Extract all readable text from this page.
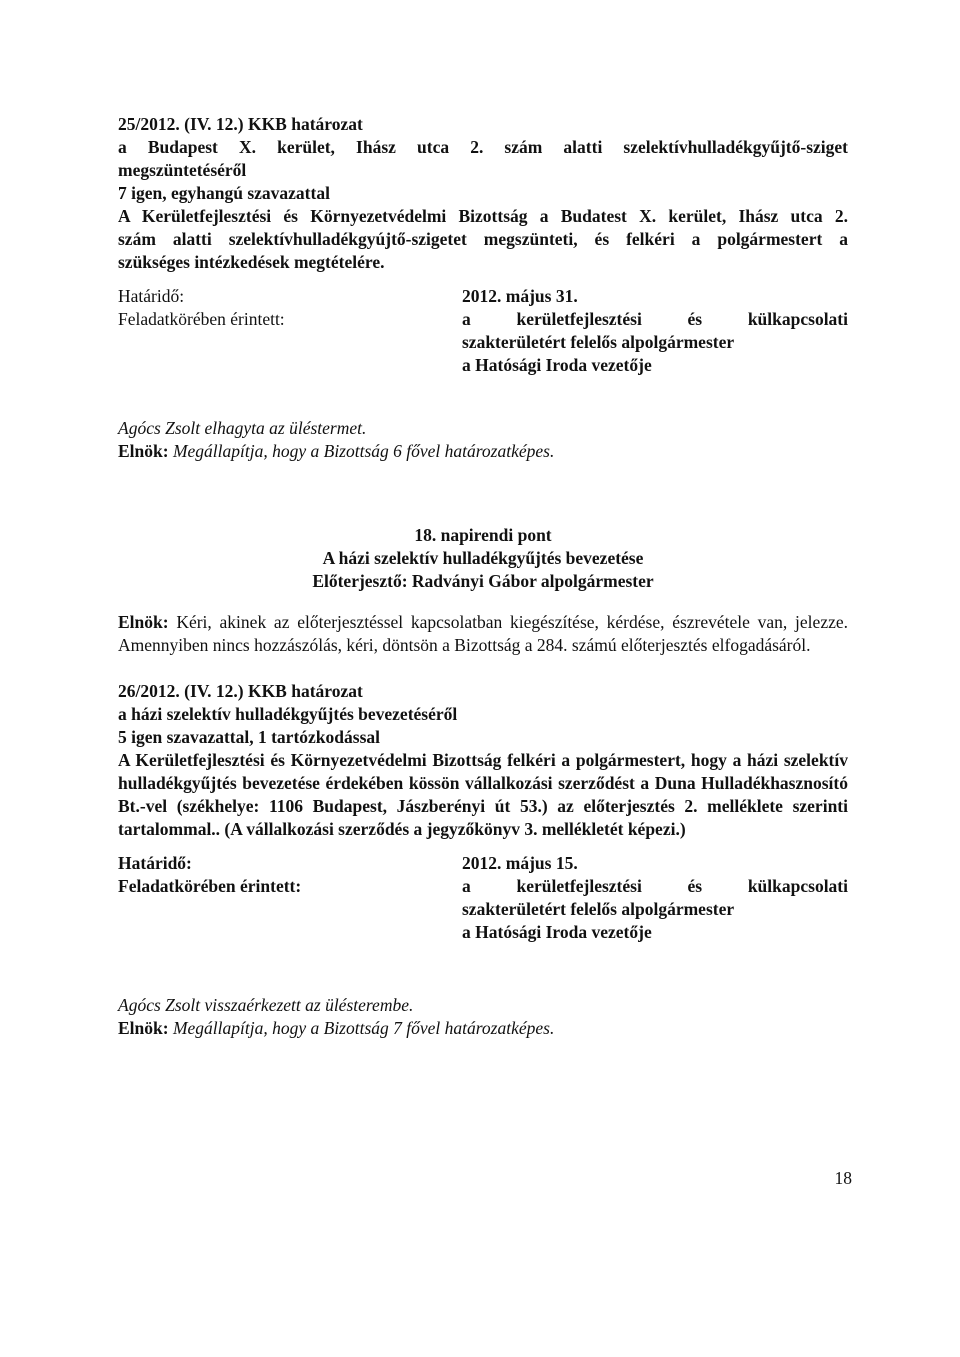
25/2012. (IV. 12.) KKB határozat
a Budapest X. kerület, Ihász utca 2. szám alatti szelektívhulladékgyűjtő-sziget
megszüntetéséről
7 igen, egyhangú szavazattal
A Kerületfejlesztési és Környezetvédelmi Bizottság a Budatest X. kerület, Ihász utca 2.
szám alatti szelektívhulladékgyújtő-szigetet megszünteti, és felkéri a polgármestert a
szükséges intézkedések megtételére.
Határidő:	2012. május 31.
Feladatkörében érintett:	a kerületfejlesztési és külkapcsolati
szakterületért felelős alpolgármester
a Hatósági Iroda vezetője
Agócs Zsolt elhagyta az üléstermet.
Elnök: Megállapítja, hogy a Bizottság 6 fővel határozatképes.
18. napirendi pont
A házi szelektív hulladékgyűjtés bevezetése
Előterjesztő: Radványi Gábor alpolgármester

Elnök: Kéri, akinek az előterjesztéssel kapcsolatban kiegészítése, kérdése, észrevétele van, jelezze. Amennyiben nincs hozzászólás, kéri, döntsön a Bizottság a 284. számú előterjesztés elfogadásáról.

26/2012. (IV. 12.) KKB határozat
a házi szelektív hulladékgyűjtés bevezetéséről
5 igen szavazattal, 1 tartózkodással

A Kerületfejlesztési és Környezetvédelmi Bizottság felkéri a polgármestert, hogy a házi szelektív hulladékgyűjtés bevezetése érdekében kössön vállalkozási szerződést a Duna Hulladékhasznosító Bt.-vel (székhelye: 1106 Budapest, Jászberényi út 53.) az előterjesztés 2. melléklete szerinti tartalommal.. (A vállalkozási szerződés a jegyzőkönyv 3. mellékletét képezi.)

Határidő:	2012. május 15.
Feladatkörében érintett:	a kerületfejlesztési és külkapcsolati
szakterületért felelős alpolgármester
a Hatósági Iroda vezetője
Agócs Zsolt visszaérkezett az ülésterembe.
Elnök: Megállapítja, hogy a Bizottság 7 fővel határozatképes.
18
